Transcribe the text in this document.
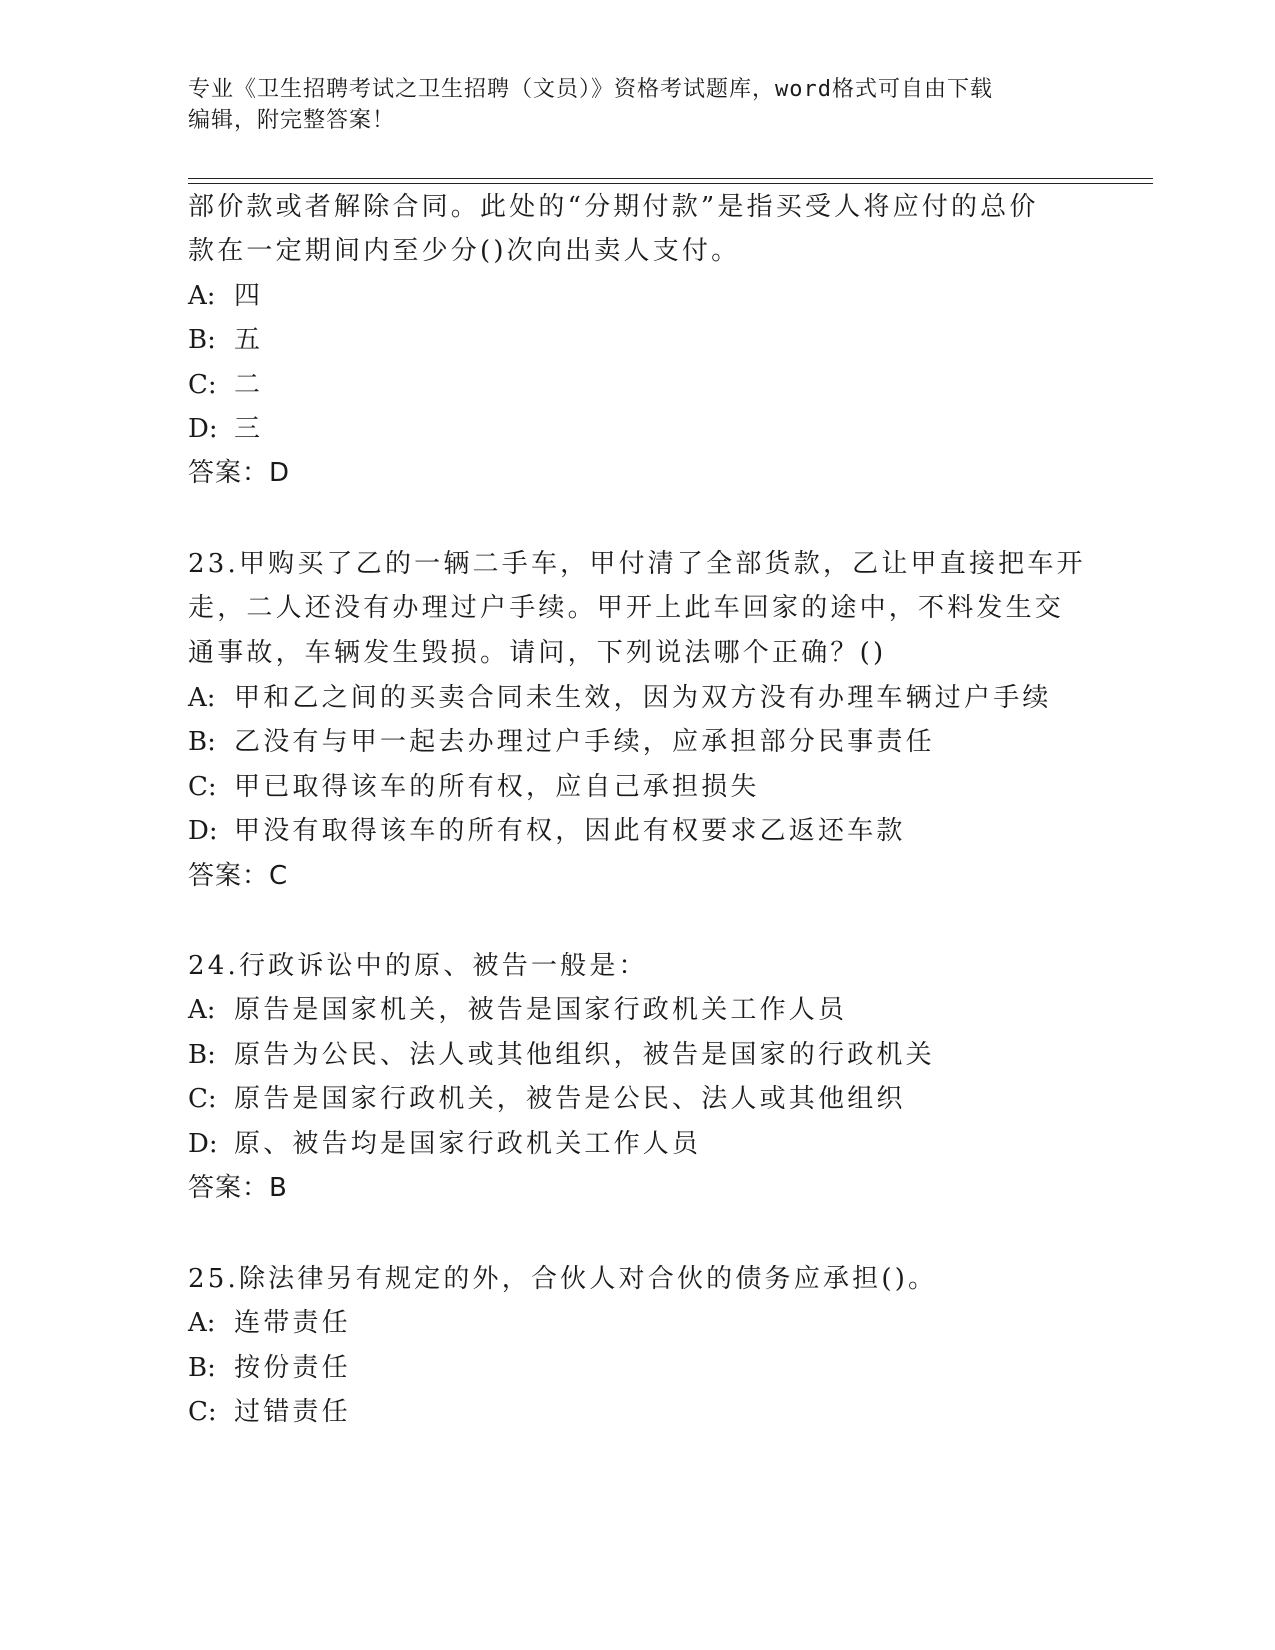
专业《卫生招聘考试之卫生招聘（文员）》资格考试题库，word格式可自由下载
编辑，附完整答案！
部价款或者解除合同。此处的“分期付款”是指买受人将应付的总价
款在一定期间内至少分()次向出卖人支付。
A: 四
B: 五
C: 二
D: 三
答案：D
23.甲购买了乙的一辆二手车，甲付清了全部货款，乙让甲直接把车开
走，二人还没有办理过户手续。甲开上此车回家的途中，不料发生交
通事故，车辆发生毁损。请问，下列说法哪个正确？()
A: 甲和乙之间的买卖合同未生效，因为双方没有办理车辆过户手续
B: 乙没有与甲一起去办理过户手续，应承担部分民事责任
C: 甲已取得该车的所有权，应自己承担损失
D: 甲没有取得该车的所有权，因此有权要求乙返还车款
答案：C
24.行政诉讼中的原、被告一般是：
A: 原告是国家机关，被告是国家行政机关工作人员
B: 原告为公民、法人或其他组织，被告是国家的行政机关
C: 原告是国家行政机关，被告是公民、法人或其他组织
D: 原、被告均是国家行政机关工作人员
答案：B
25.除法律另有规定的外，合伙人对合伙的债务应承担()。
A: 连带责任
B: 按份责任
C: 过错责任
